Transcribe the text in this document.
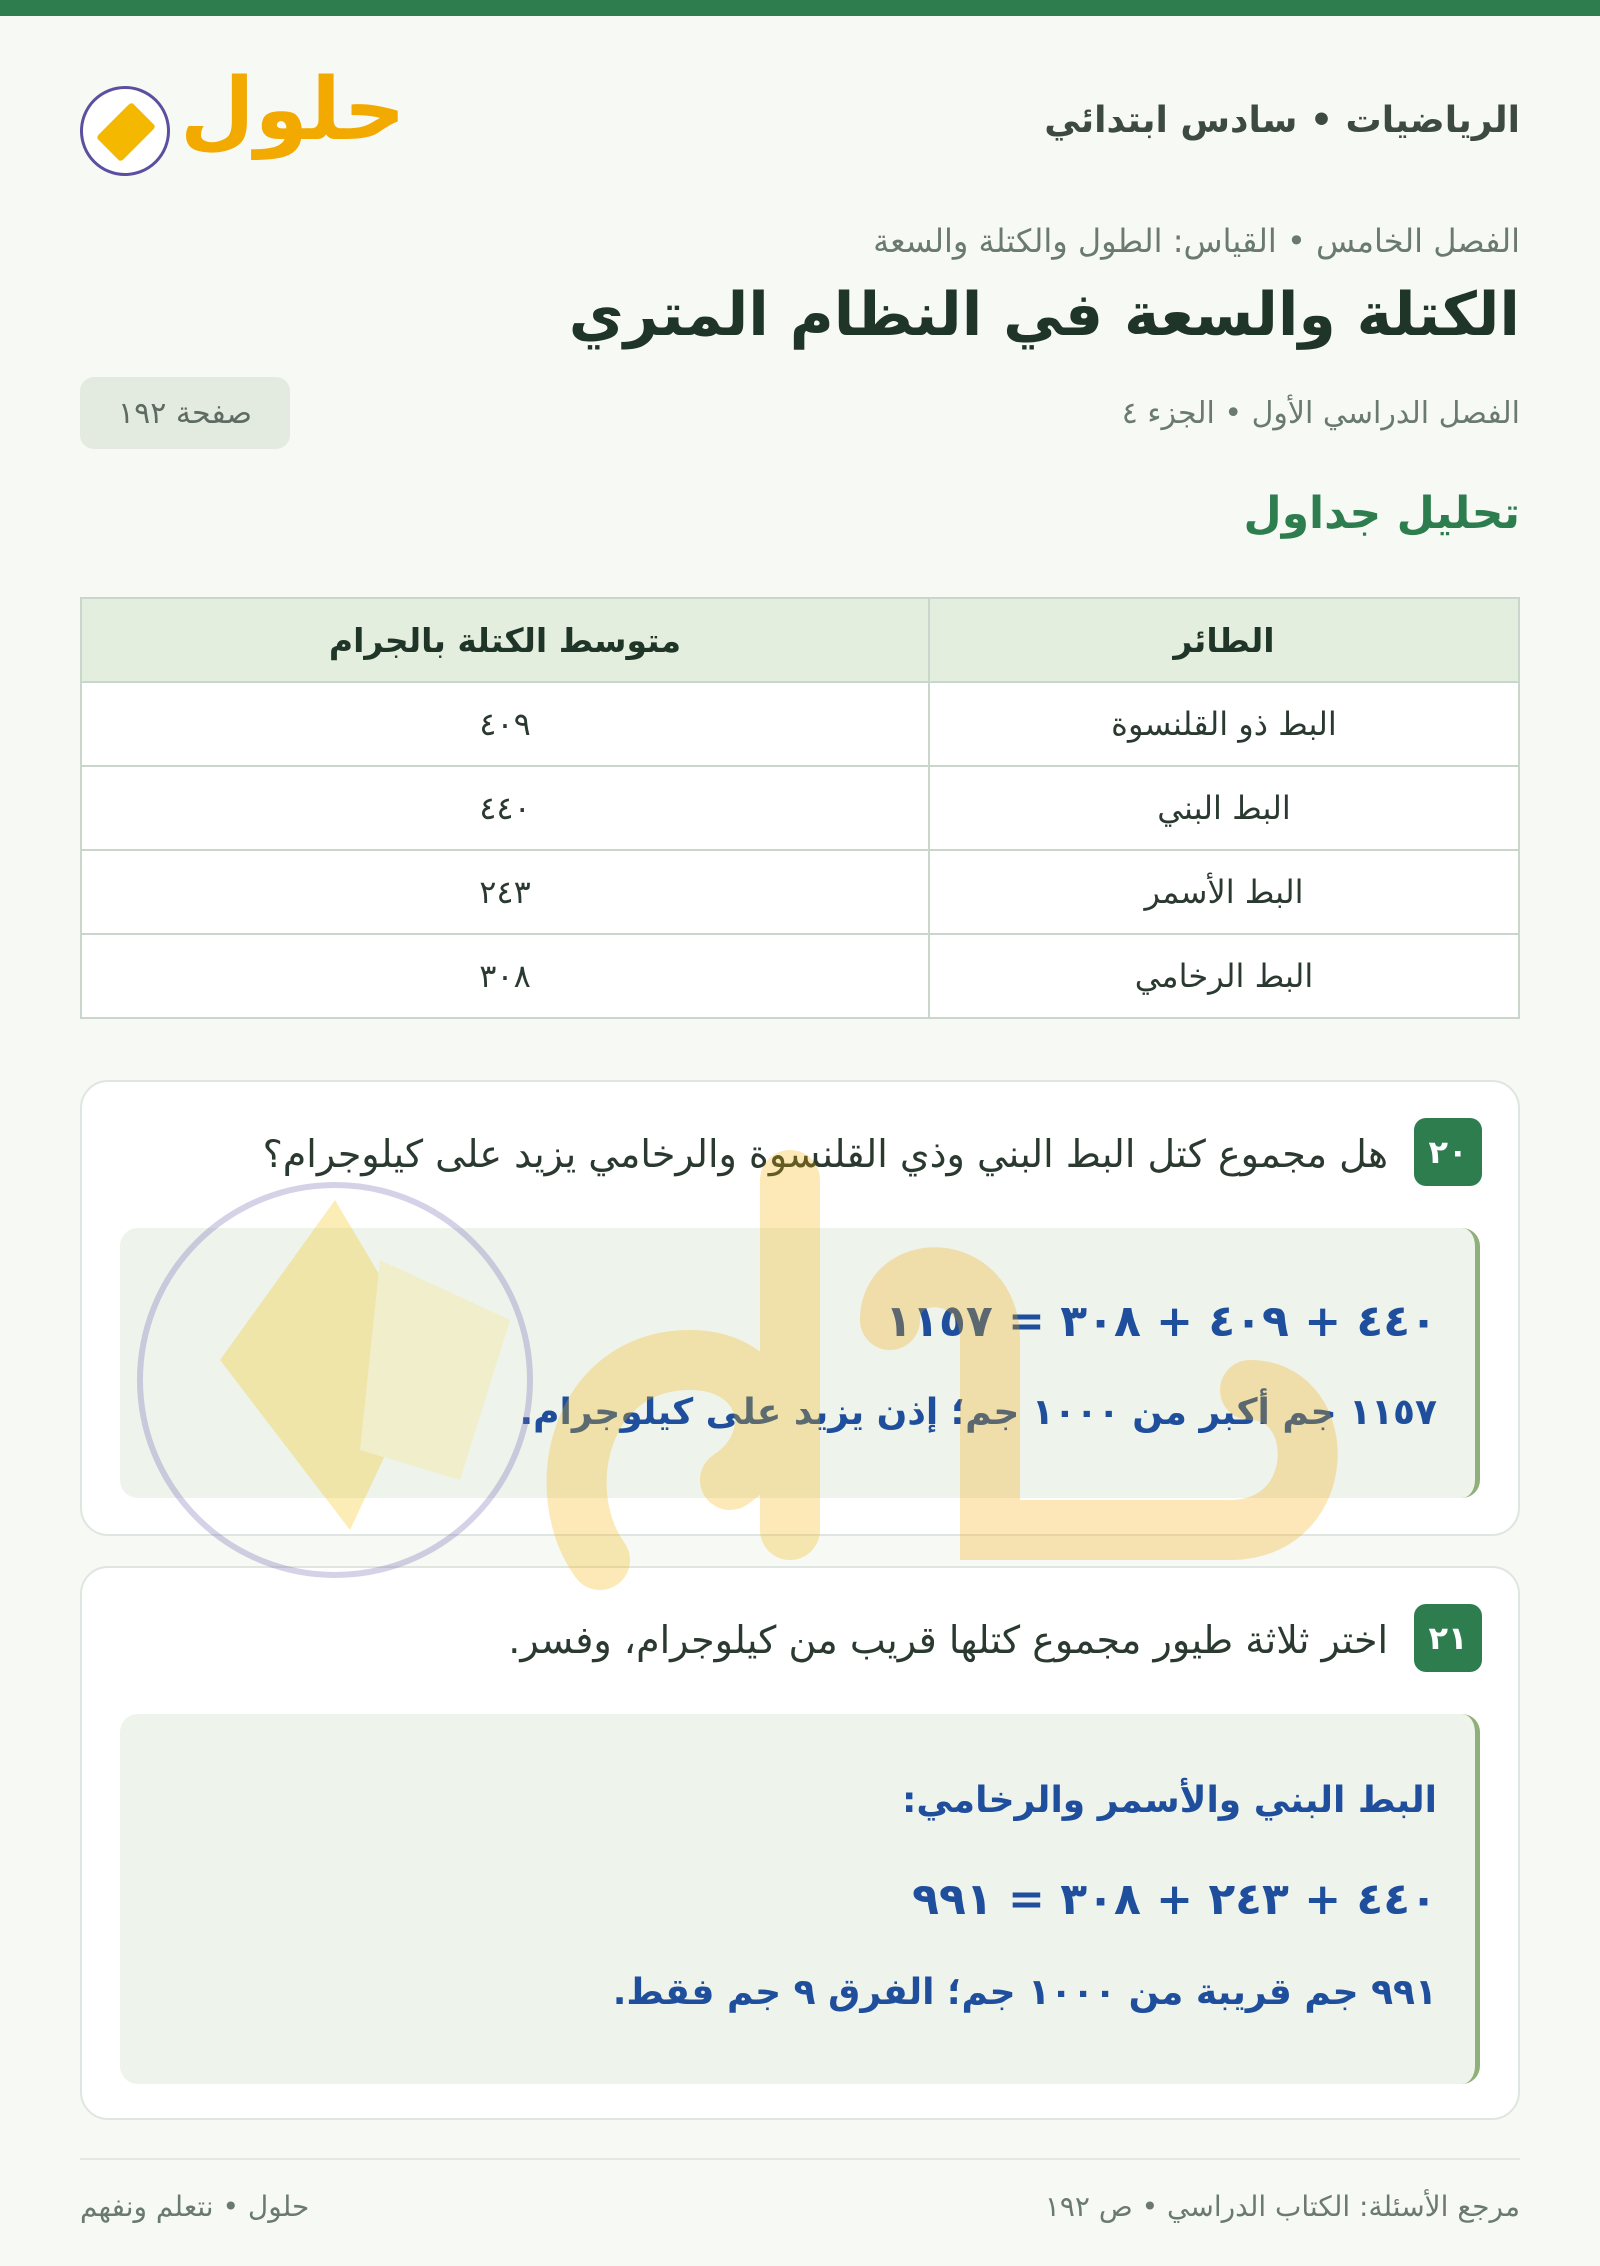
الرياضيات • سادس ابتدائي
حلول
الفصل الخامس • القياس: الطول والكتلة والسعة
الكتلة والسعة في النظام المتري
الفصل الدراسي الأول • الجزء ٤
صفحة ١٩٢
تحليل جداول
الطائر	متوسط الكتلة بالجرام
البط ذو القلنسوة	٤٠٩
البط البني	٤٤٠
البط الأسمر	٢٤٣
البط الرخامي	٣٠٨
٢٠
هل مجموع كتل البط البني وذي القلنسوة والرخامي يزيد على كيلوجرام؟
٤٤٠ + ٤٠٩ + ٣٠٨ = ١١٥٧
١١٥٧ جم أكبر من ١٠٠٠ جم؛ إذن يزيد على كيلوجرام.
٢١
اختر ثلاثة طيور مجموع كتلها قريب من كيلوجرام، وفسر.
البط البني والأسمر والرخامي:
٤٤٠ + ٢٤٣ + ٣٠٨ = ٩٩١
٩٩١ جم قريبة من ١٠٠٠ جم؛ الفرق ٩ جم فقط.
مرجع الأسئلة: الكتاب الدراسي • ص ١٩٢
حلول • نتعلم ونفهم
